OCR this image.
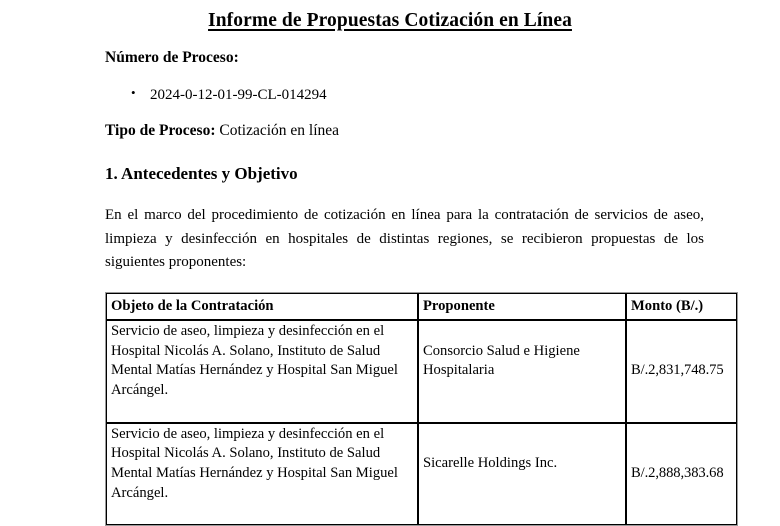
Informe de Propuestas Cotización en Línea

Número de Proceso:

• 2024-0-12-01-99-CL-014294

Tipo de Proceso: Cotización en línea

1. Antecedentes y Objetivo

En el marco del procedimiento de cotización en línea para la contratación de servicios de aseo, limpieza y desinfección en hospitales de distintas regiones, se recibieron propuestas de los siguientes proponentes:

Objeto de la Contratación	Proponente	Monto (B/.)
Servicio de aseo, limpieza y desinfección en el Hospital Nicolás A. Solano, Instituto de Salud Mental Matías Hernández y Hospital San Miguel Arcángel.	Consorcio Salud e Higiene Hospitalaria	B/.2,831,748.75
Servicio de aseo, limpieza y desinfección en el Hospital Nicolás A. Solano, Instituto de Salud Mental Matías Hernández y Hospital San Miguel Arcángel.	Sicarelle Holdings Inc.	B/.2,888,383.68
